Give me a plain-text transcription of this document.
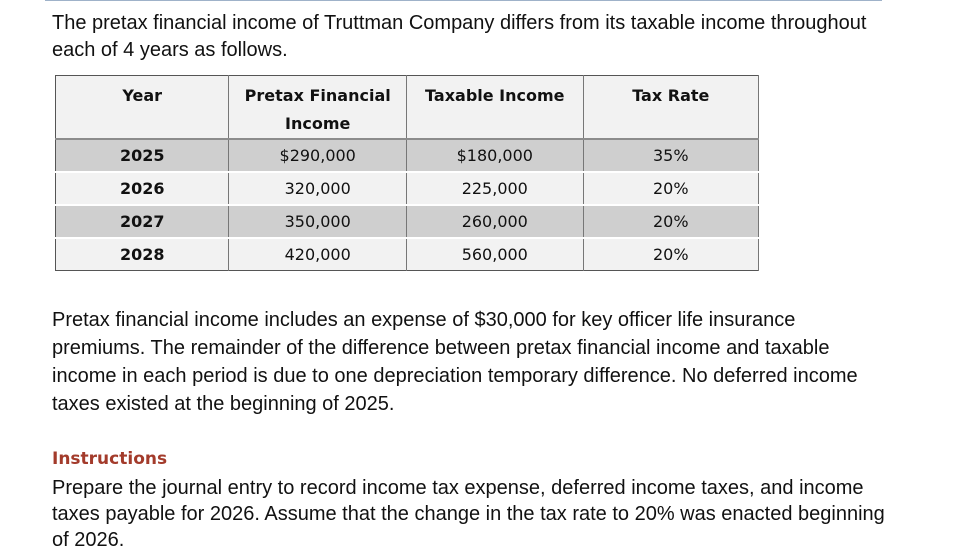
The pretax financial income of Truttman Company differs from its taxable income throughout each of 4 years as follows.
Year	Pretax Financial Income	Taxable Income	Tax Rate
2025	$290,000	$180,000	35%
2026	320,000	225,000	20%
2027	350,000	260,000	20%
2028	420,000	560,000	20%
Pretax financial income includes an expense of $30,000 for key officer life insurance premiums. The remainder of the difference between pretax financial income and taxable income in each period is due to one depreciation temporary difference. No deferred income taxes existed at the beginning of 2025.
Instructions
Prepare the journal entry to record income tax expense, deferred income taxes, and income taxes payable for 2026. Assume that the change in the tax rate to 20% was enacted beginning of 2026.
